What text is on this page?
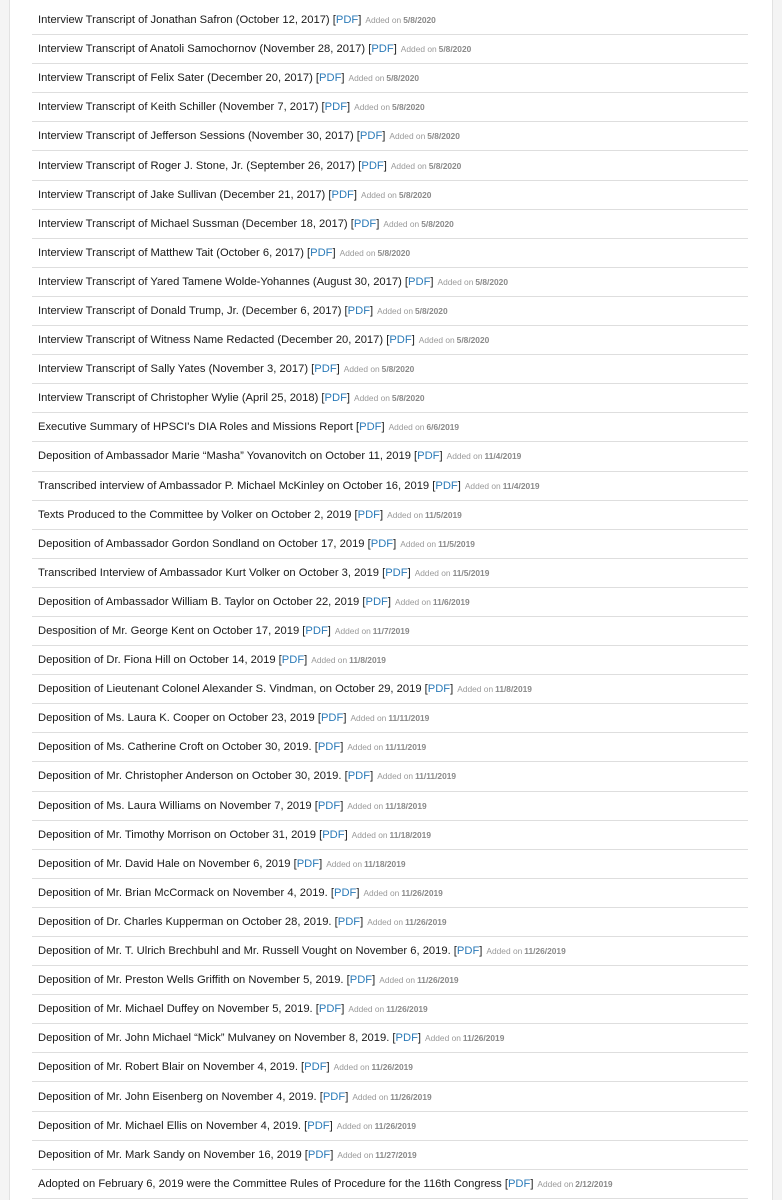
Interview Transcript of Jonathan Safron (October 12, 2017) [ PDF ] Added on 5/8/2020
Interview Transcript of Anatoli Samochornov (November 28, 2017) [ PDF ] Added on 5/8/2020
Interview Transcript of Felix Sater (December 20, 2017) [ PDF ] Added on 5/8/2020
Interview Transcript of Keith Schiller (November 7, 2017) [ PDF ] Added on 5/8/2020
Interview Transcript of Jefferson Sessions (November 30, 2017) [ PDF ] Added on 5/8/2020
Interview Transcript of Roger J. Stone, Jr. (September 26, 2017) [ PDF ] Added on 5/8/2020
Interview Transcript of Jake Sullivan (December 21, 2017) [ PDF ] Added on 5/8/2020
Interview Transcript of Michael Sussman (December 18, 2017) [ PDF ] Added on 5/8/2020
Interview Transcript of Matthew Tait (October 6, 2017) [ PDF ] Added on 5/8/2020
Interview Transcript of Yared Tamene Wolde-Yohannes (August 30, 2017) [ PDF ] Added on 5/8/2020
Interview Transcript of Donald Trump, Jr. (December 6, 2017) [ PDF ] Added on 5/8/2020
Interview Transcript of Witness Name Redacted (December 20, 2017) [ PDF ] Added on 5/8/2020
Interview Transcript of Sally Yates (November 3, 2017) [ PDF ] Added on 5/8/2020
Interview Transcript of Christopher Wylie (April 25, 2018) [ PDF ] Added on 5/8/2020
Executive Summary of HPSCI's DIA Roles and Missions Report [ PDF ] Added on 6/6/2019
Deposition of Ambassador Marie “Masha” Yovanovitch on October 11, 2019 [ PDF ] Added on 11/4/2019
Transcribed interview of Ambassador P. Michael McKinley on October 16, 2019 [ PDF ] Added on 11/4/2019
Texts Produced to the Committee by Volker on October 2, 2019 [ PDF ] Added on 11/5/2019
Deposition of Ambassador Gordon Sondland on October 17, 2019 [ PDF ] Added on 11/5/2019
Transcribed Interview of Ambassador Kurt Volker on October 3, 2019 [ PDF ] Added on 11/5/2019
Deposition of Ambassador William B. Taylor on October 22, 2019 [ PDF ] Added on 11/6/2019
Desposition of Mr. George Kent on October 17, 2019 [ PDF ] Added on 11/7/2019
Deposition of Dr. Fiona Hill on October 14, 2019 [ PDF ] Added on 11/8/2019
Deposition of Lieutenant Colonel Alexander S. Vindman, on October 29, 2019 [ PDF ] Added on 11/8/2019
Deposition of Ms. Laura K. Cooper on October 23, 2019 [ PDF ] Added on 11/11/2019
Deposition of Ms. Catherine Croft on October 30, 2019. [ PDF ] Added on 11/11/2019
Deposition of Mr. Christopher Anderson on October 30, 2019. [ PDF ] Added on 11/11/2019
Deposition of Ms. Laura Williams on November 7, 2019 [ PDF ] Added on 11/18/2019
Deposition of Mr. Timothy Morrison on October 31, 2019 [ PDF ] Added on 11/18/2019
Deposition of Mr. David Hale on November 6, 2019 [ PDF ] Added on 11/18/2019
Deposition of Mr. Brian McCormack on November 4, 2019. [ PDF ] Added on 11/26/2019
Deposition of Dr. Charles Kupperman on October 28, 2019. [ PDF ] Added on 11/26/2019
Deposition of Mr. T. Ulrich Brechbuhl and Mr. Russell Vought on November 6, 2019. [ PDF ] Added on 11/26/2019
Deposition of Mr. Preston Wells Griffith on November 5, 2019. [ PDF ] Added on 11/26/2019
Deposition of Mr. Michael Duffey on November 5, 2019. [ PDF ] Added on 11/26/2019
Deposition of Mr. John Michael “Mick” Mulvaney on November 8, 2019. [ PDF ] Added on 11/26/2019
Deposition of Mr. Robert Blair on November 4, 2019. [ PDF ] Added on 11/26/2019
Deposition of Mr. John Eisenberg on November 4, 2019. [ PDF ] Added on 11/26/2019
Deposition of Mr. Michael Ellis on November 4, 2019. [ PDF ] Added on 11/26/2019
Deposition of Mr. Mark Sandy on November 16, 2019 [ PDF ] Added on 11/27/2019
Adopted on February 6, 2019 were the Committee Rules of Procedure for the 116th Congress [ PDF ] Added on 2/12/2019
